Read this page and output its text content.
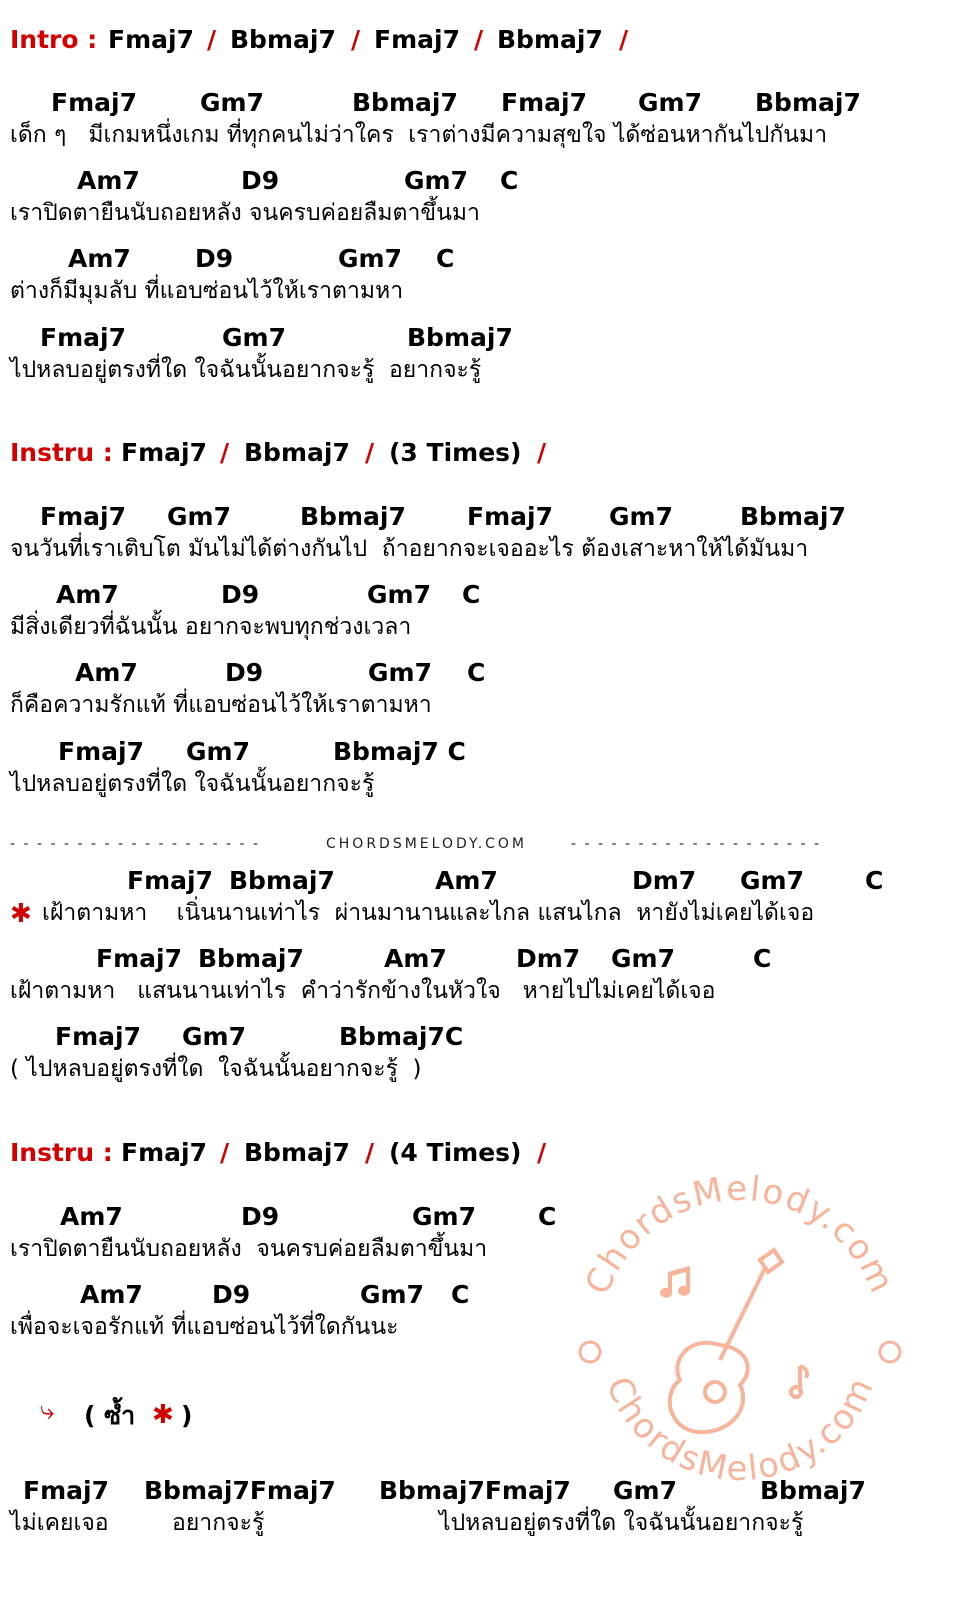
Intro : Fmaj7 / Bbmaj7 / Fmaj7 / Bbmaj7 /
Fmaj7	Gm7	Bbmaj7 Fmaj7 Gm7 Bbmaj7
เด็ก ๆ   มีเกมหนึ่งเกม ที่ทุกคนไม่ว่าใคร  เราต่างมีความสุขใจ ได้ซ่อนหากันไปกันมา
Am7	D9	Gm7 C
เราปิดตายืนนับถอยหลัง จนครบค่อยลืมตาขึ้นมา
Am7	D9	Gm7 C
ต่างก็มีมุมลับ ที่แอบซ่อนไว้ให้เราตามหา
Fmaj7	Gm7	Bbmaj7
ไปหลบอยู่ตรงที่ใด ใจฉันนั้นอยากจะรู้  อยากจะรู้
Instru : Fmaj7 / Bbmaj7 / (3 Times) /
Fmaj7 Gm7	Bbmaj7 Fmaj7 Gm7	Bbmaj7
จนวันที่เราเติบโต มันไม่ได้ต่างกันไป  ถ้าอยากจะเจออะไร ต้องเสาะหาให้ได้มันมา
Am7	D9	Gm7 C
มีสิ่งเดียวที่ฉันนั้น อยากจะพบทุกช่วงเวลา
Am7	D9	Gm7 C
ก็คือความรักแท้ ที่แอบซ่อนไว้ให้เราตามหา
Fmaj7 Gm7	Bbmaj7 C
ไปหลบอยู่ตรงที่ใด ใจฉันนั้นอยากจะรู้
- - - - - - - - - - - - - - - - - - -	CHORDSMELODY.COM	- - - - - - - - - - - - - - - - - - -
Fmaj7 Bbmaj7	Am7	Dm7 Gm7 C
✱ เฝ้าตามหา    เนิ่นนานเท่าไร  ผ่านมานานและไกล แสนไกล  หายังไม่เคยได้เจอ
Fmaj7 Bbmaj7	Am7	Dm7 Gm7	C
เฝ้าตามหา   แสนนานเท่าไร  คำว่ารักข้างในหัวใจ   หายไปไม่เคยได้เจอ
Fmaj7 Gm7	Bbmaj7C
( ไปหลบอยู่ตรงที่ใด  ใจฉันนั้นอยากจะรู้  )
Instru : Fmaj7 / Bbmaj7 / (4 Times) /
ChordsMelody.com
ChordsMelody.com
Am7	D9	Gm7 C
เราปิดตายืนนับถอยหลัง  จนครบค่อยลืมตาขึ้นมา
Am7	D9	Gm7 C
เพื่อจะเจอรักแท้ ที่แอบซ่อนไว้ที่ใดกันนะ
⤷ ( ซ้ำ ✱ )
Fmaj7 Bbmaj7Fmaj7 Bbmaj7Fmaj7 Gm7	Bbmaj7
ไม่เคยเจอ	อยากจะรู้	ไปหลบอยู่ตรงที่ใด ใจฉันนั้นอยากจะรู้
